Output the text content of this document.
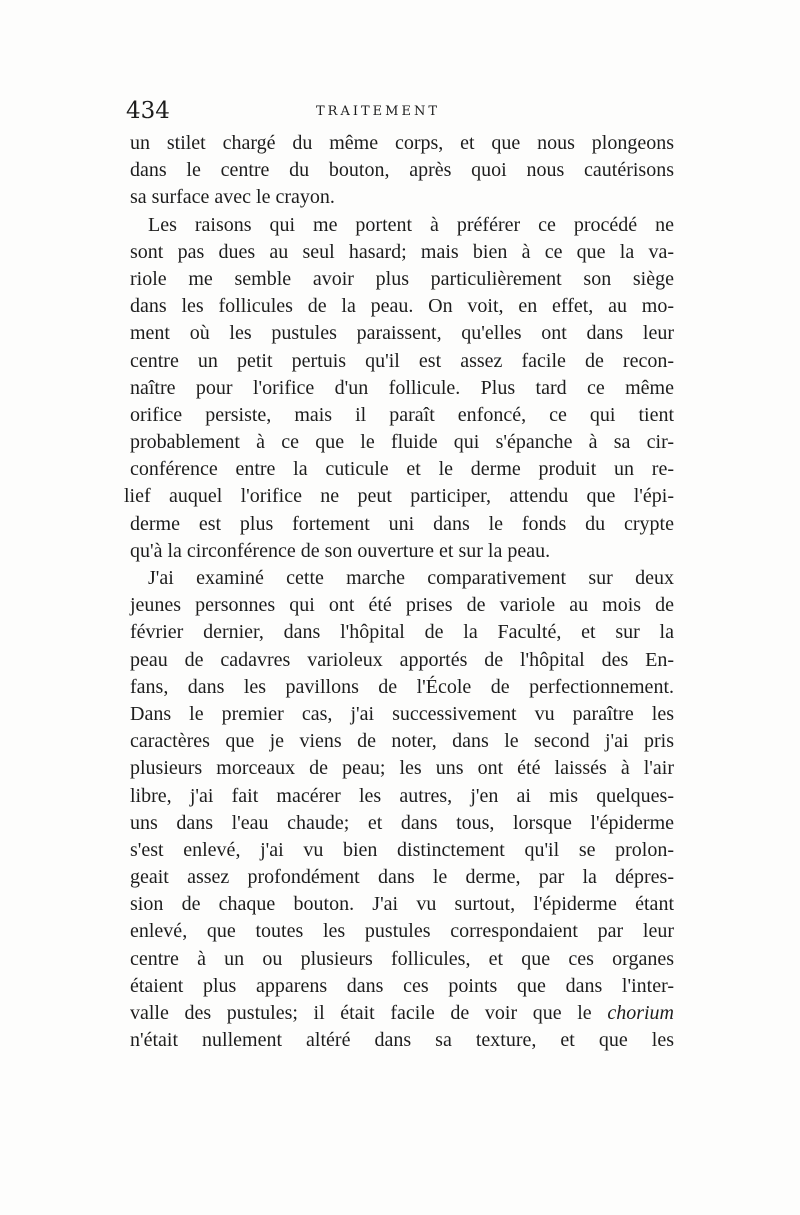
434	TRAITEMENT
un stilet chargé du même corps, et que nous plongeons
dans le centre du bouton, après quoi nous cautérisons
sa surface avec le crayon.
Les raisons qui me portent à préférer ce procédé ne
sont pas dues au seul hasard; mais bien à ce que la va-
riole me semble avoir plus particulièrement son siège
dans les follicules de la peau. On voit, en effet, au mo-
ment où les pustules paraissent, qu'elles ont dans leur
centre un petit pertuis qu'il est assez facile de recon-
naître pour l'orifice d'un follicule. Plus tard ce même
orifice persiste, mais il paraît enfoncé, ce qui tient
probablement à ce que le fluide qui s'épanche à sa cir-
conférence entre la cuticule et le derme produit un re-
lief auquel l'orifice ne peut participer, attendu que l'épi-
derme est plus fortement uni dans le fonds du crypte
qu'à la circonférence de son ouverture et sur la peau.
J'ai examiné cette marche comparativement sur deux
jeunes personnes qui ont été prises de variole au mois de
février dernier, dans l'hôpital de la Faculté, et sur la
peau de cadavres varioleux apportés de l'hôpital des En-
fans, dans les pavillons de l'École de perfectionnement.
Dans le premier cas, j'ai successivement vu paraître les
caractères que je viens de noter, dans le second j'ai pris
plusieurs morceaux de peau; les uns ont été laissés à l'air
libre, j'ai fait macérer les autres, j'en ai mis quelques-
uns dans l'eau chaude; et dans tous, lorsque l'épiderme
s'est enlevé, j'ai vu bien distinctement qu'il se prolon-
geait assez profondément dans le derme, par la dépres-
sion de chaque bouton. J'ai vu surtout, l'épiderme étant
enlevé, que toutes les pustules correspondaient par leur
centre à un ou plusieurs follicules, et que ces organes
étaient plus apparens dans ces points que dans l'inter-
valle des pustules; il était facile de voir que le chorium
n'était nullement altéré dans sa texture, et que les
